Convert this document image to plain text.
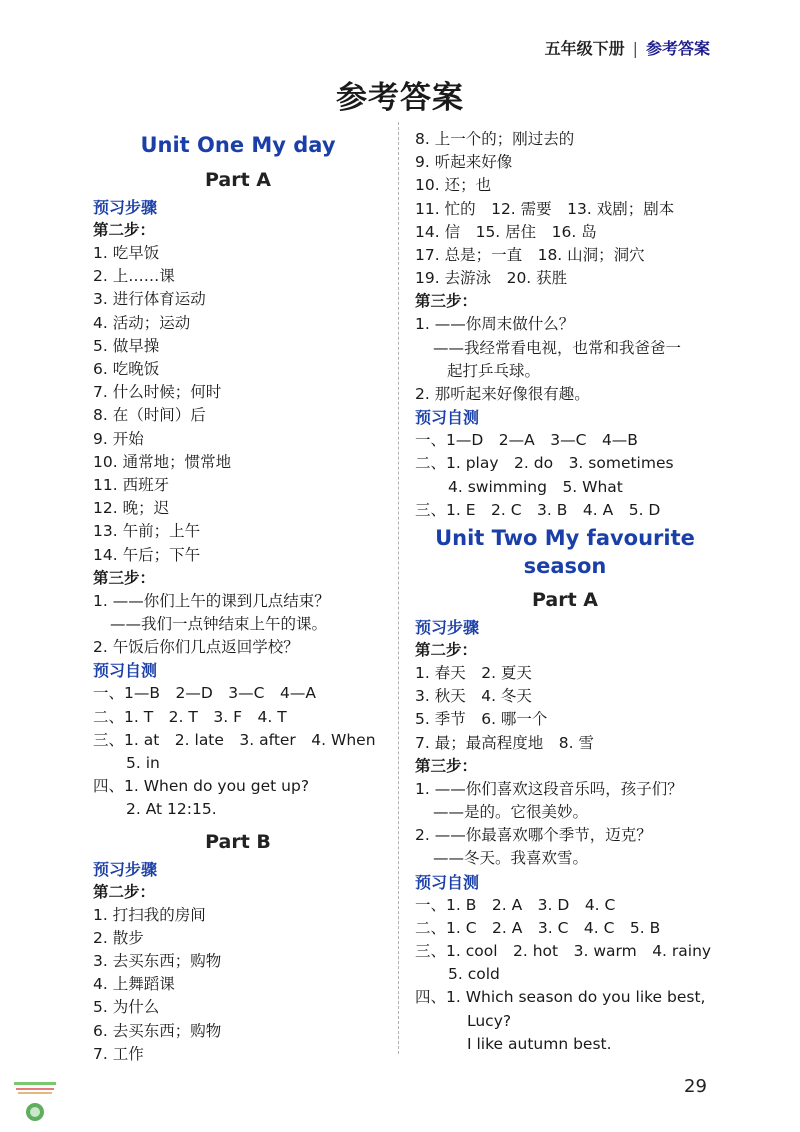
五年级下册 | 参考答案
参考答案
Unit One My day
Part A
预习步骤
第二步：
1. 吃早饭
2. 上……课
3. 进行体育运动
4. 活动；运动
5. 做早操
6. 吃晚饭
7. 什么时候；何时
8. 在（时间）后
9. 开始
10. 通常地；惯常地
11. 西班牙
12. 晚；迟
13. 午前；上午
14. 午后；下午
第三步：
1. ——你们上午的课到几点结束？
——我们一点钟结束上午的课。
2. 午饭后你们几点返回学校？
预习自测
一、1—B　2—D　3—C　4—A
二、1. T　2. T　3. F　4. T
三、1. at　2. late　3. after　4. When
5. in
四、1. When do you get up?
2. At 12:15.
Part B
预习步骤
第二步：
1. 打扫我的房间
2. 散步
3. 去买东西；购物
4. 上舞蹈课
5. 为什么
6. 去买东西；购物
7. 工作
8. 上一个的；刚过去的
9. 听起来好像
10. 还；也
11. 忙的　12. 需要　13. 戏剧；剧本
14. 信　15. 居住　16. 岛
17. 总是；一直　18. 山洞；洞穴
19. 去游泳　20. 获胜
第三步：
1. ——你周末做什么？
——我经常看电视，也常和我爸爸一
起打乒乓球。
2. 那听起来好像很有趣。
预习自测
一、1—D　2—A　3—C　4—B
二、1. play　2. do　3. sometimes
4. swimming　5. What
三、1. E　2. C　3. B　4. A　5. D
Unit Two My favourite
season
Part A
预习步骤
第二步：
1. 春天　2. 夏天
3. 秋天　4. 冬天
5. 季节　6. 哪一个
7. 最；最高程度地　8. 雪
第三步：
1. ——你们喜欢这段音乐吗，孩子们？
——是的。它很美妙。
2. ——你最喜欢哪个季节，迈克？
——冬天。我喜欢雪。
预习自测
一、1. B　2. A　3. D　4. C
二、1. C　2. A　3. C　4. C　5. B
三、1. cool　2. hot　3. warm　4. rainy
5. cold
四、1. Which season do you like best,
Lucy?
I like autumn best.
29
